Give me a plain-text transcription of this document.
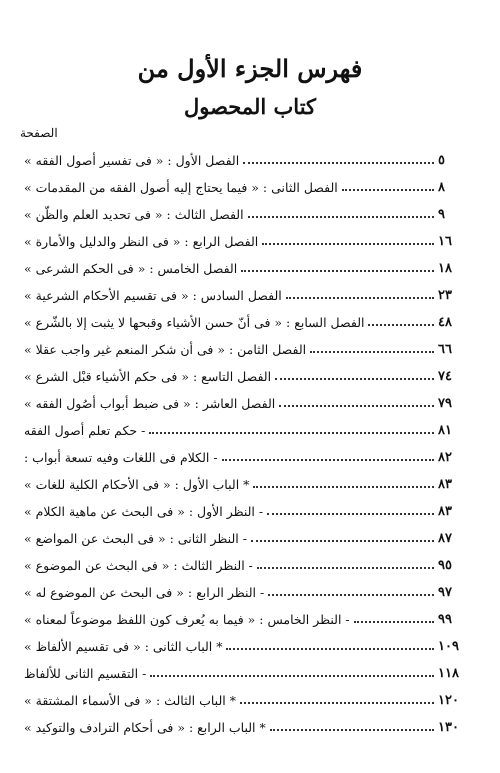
فهرس الجزء الأول من
كتاب المحصول
الصفحة
الفصل الأول : « فى تفسير أصول الفقه »	٥
الفصل الثانى : « فيما يحتاج إليه أصول الفقه من المقدمات »	٨
الفصل الثالث : « فى تحديد العلم والظّن »	٩
الفصل الرابع : « فى النظر والدليل والأمارة »	١٦
الفصل الخامس : « فى الحكم الشرعى »	١٨
الفصل السادس : « فى تقسيم الأحكام الشرعية »	٢٣
الفصل السابع : « فى أنّ حسن الأشياء وقبحها لا يثبت إلا بالشّرع »	٤٨
الفصل الثامن : « فى أن شكر المنعم غير واجب عقلا »	٦٦
الفصل التاسع : « فى حكم الأشياء قبْل الشرع »	٧٤
الفصل العاشر : « فى ضبط أبواب أصُول الفقه »	٧٩
- حكم تعلم أصول الفقه	٨١
- الكلام فى اللغات وفيه تسعة أبواب :	٨٢
* الباب الأول : « فى الأحكام الكلية للغات »	٨٣
- النظر الأول : « فى البحث عن ماهية الكلام »	٨٣
- النظر الثانى : « فى البحث عن المواضع »	٨٧
- النظر الثالث : « فى البحث عن الموضوع »	٩٥
- النظر الرابع : « فى البحث عن الموضوع له »	٩٧
- النظر الخامس : « فيما به يُعرف كون اللفظ موضوعاً لمعناه »	٩٩
* الباب الثانى : « فى تقسيم الألفاظ »	١٠٩
- التقسيم الثانى للألفاظ	١١٨
* الباب الثالث : « فى الأسماء المشتقة »	١٢٠
* الباب الرابع : « فى أحكام الترادف والتوكيد »	١٣٠
